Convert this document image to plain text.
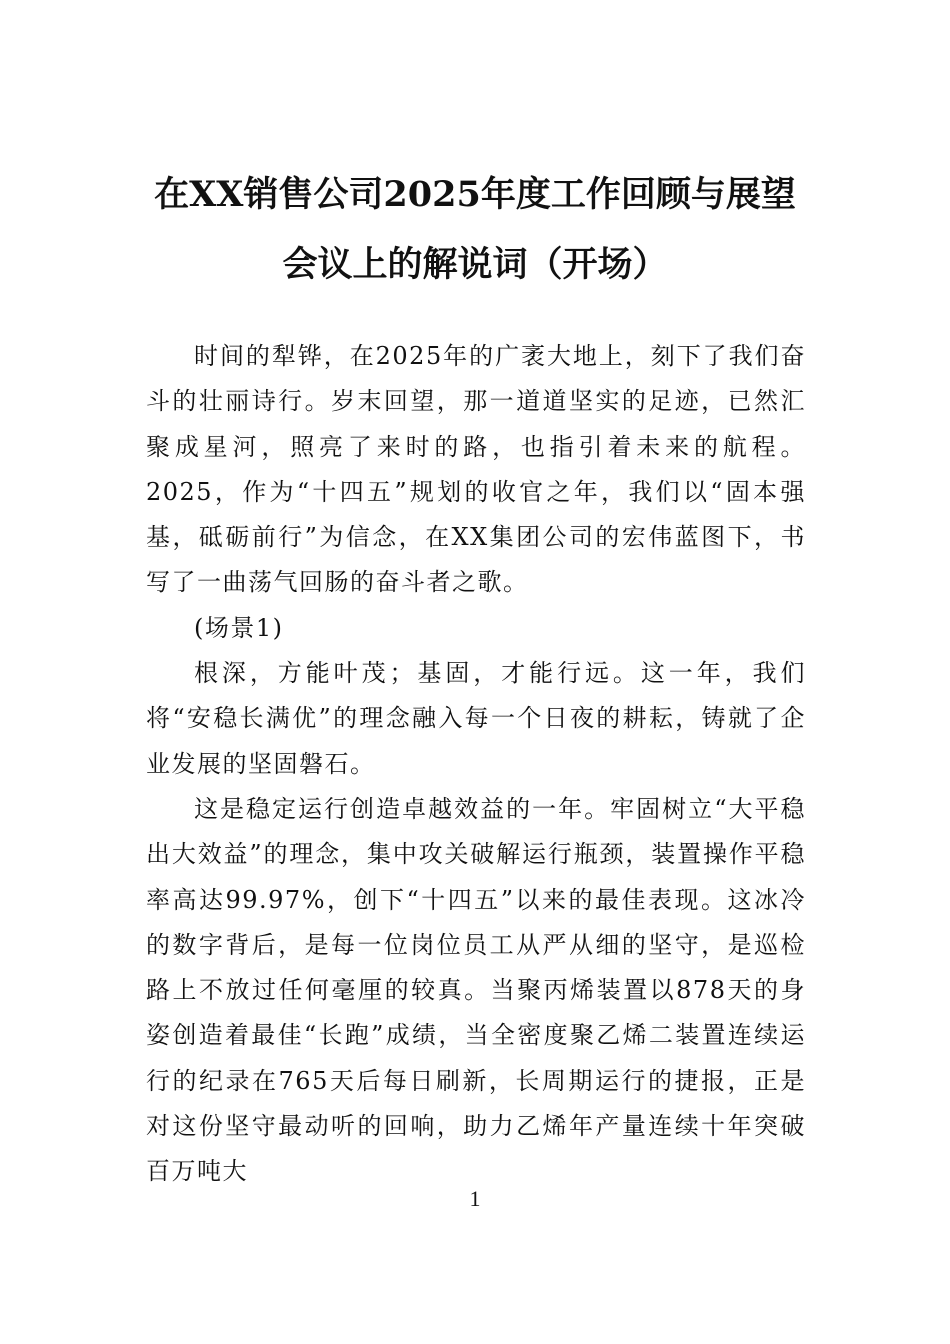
在XX销售公司2025年度工作回顾与展望
会议上的解说词（开场）

时间的犁铧，在2025年的广袤大地上，刻下了我们奋斗的壮丽诗行。岁末回望，那一道道坚实的足迹，已然汇聚成星河，照亮了来时的路，也指引着未来的航程。2025，作为“十四五”规划的收官之年，我们以“固本强基，砥砺前行”为信念，在XX集团公司的宏伟蓝图下，书写了一曲荡气回肠的奋斗者之歌。

(场景1)

根深，方能叶茂；基固，才能行远。这一年，我们将“安稳长满优”的理念融入每一个日夜的耕耘，铸就了企业发展的坚固磐石。

这是稳定运行创造卓越效益的一年。牢固树立“大平稳出大效益”的理念，集中攻关破解运行瓶颈，装置操作平稳率高达99.97%，创下“十四五”以来的最佳表现。这冰冷的数字背后，是每一位岗位员工从严从细的坚守，是巡检路上不放过任何毫厘的较真。当聚丙烯装置以878天的身姿创造着最佳“长跑”成绩，当全密度聚乙烯二装置连续运行的纪录在765天后每日刷新，长周期运行的捷报，正是对这份坚守最动听的回响，助力乙烯年产量连续十年突破百万吨大

1
